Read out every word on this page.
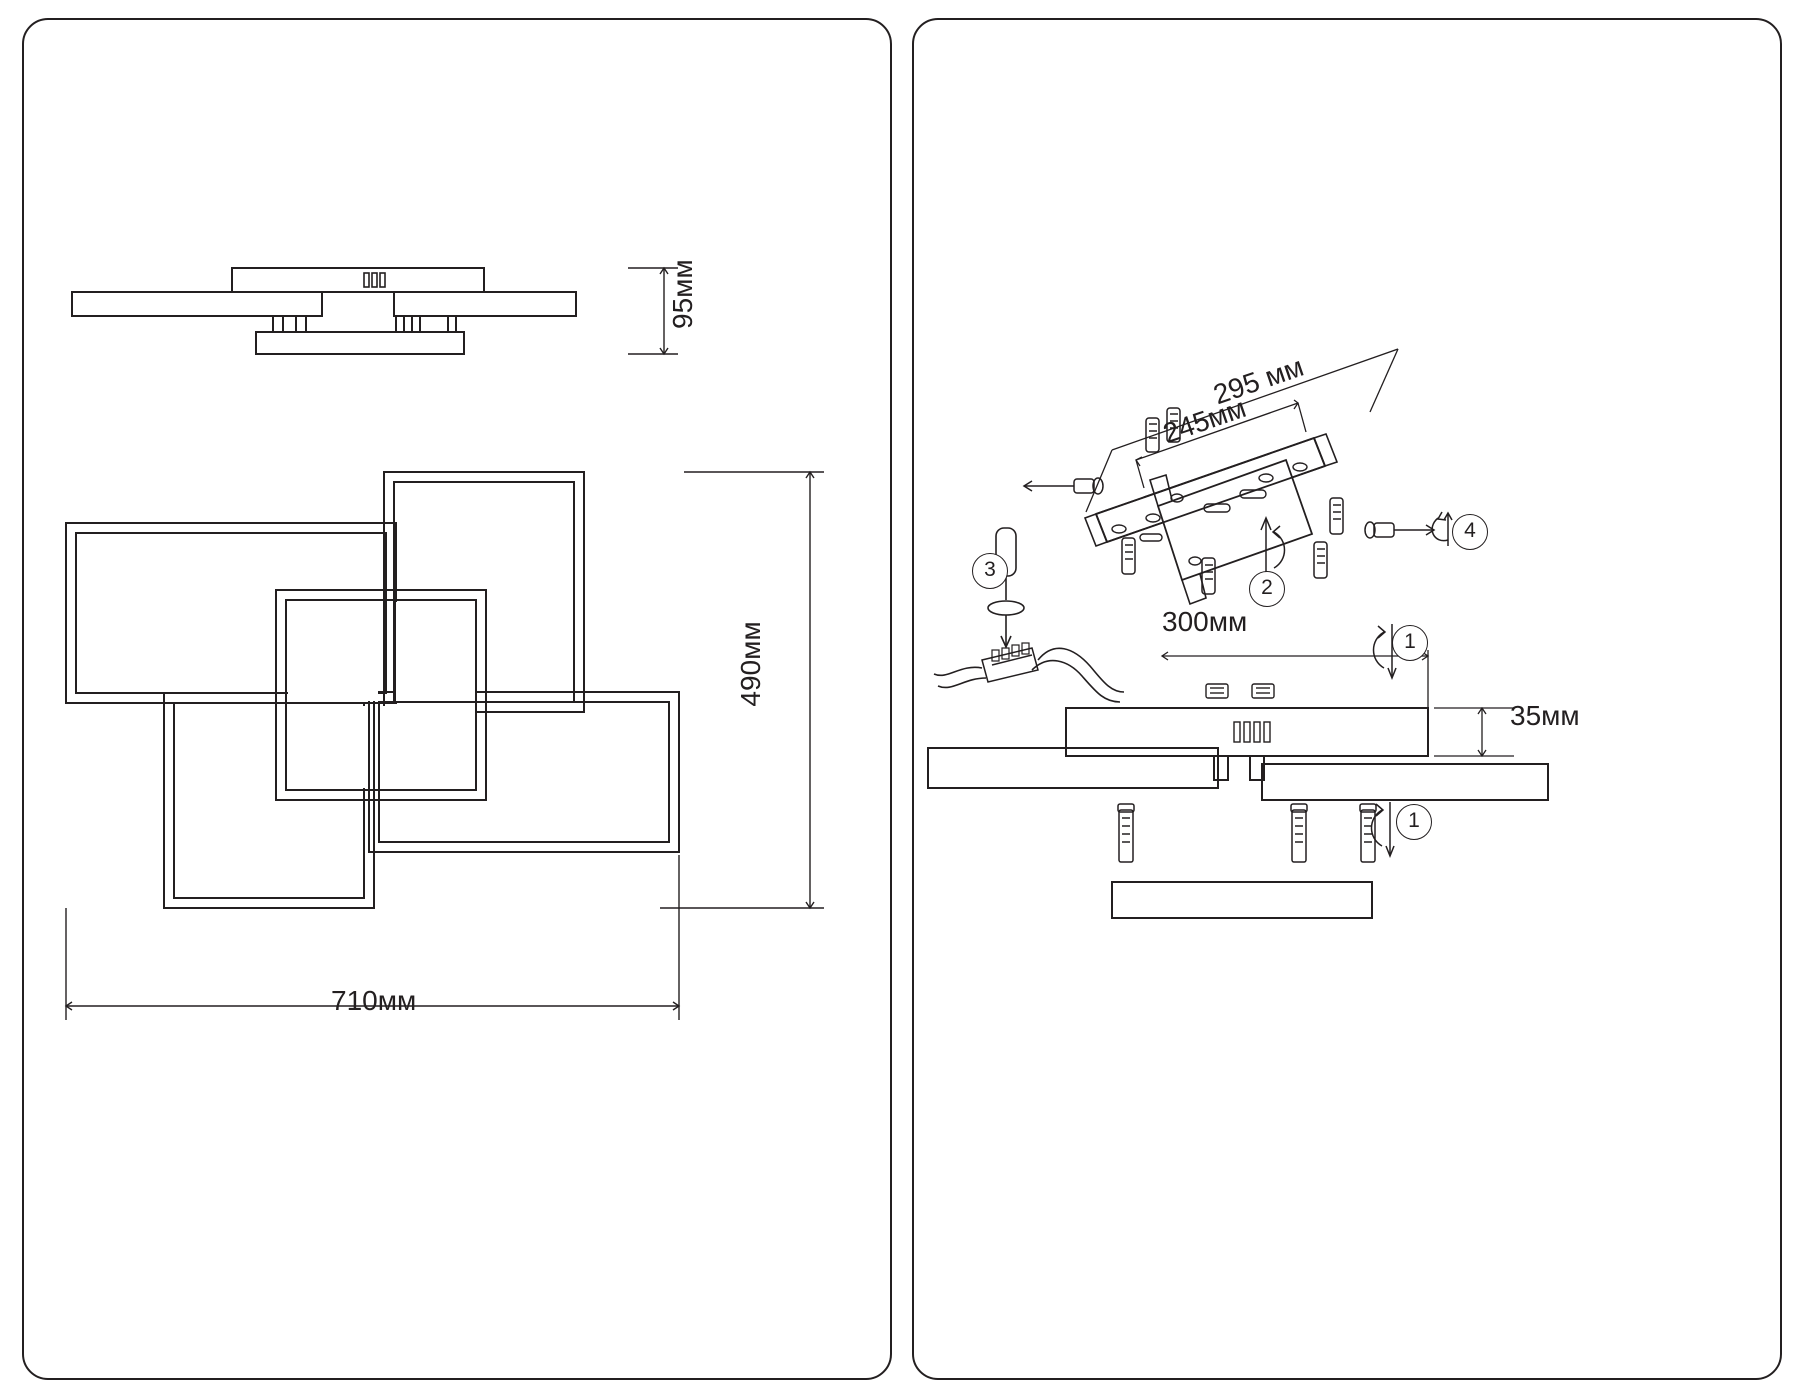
95мм
490мм
710мм
295 мм
245мм
300мм
35мм
1
1
2
3
4
